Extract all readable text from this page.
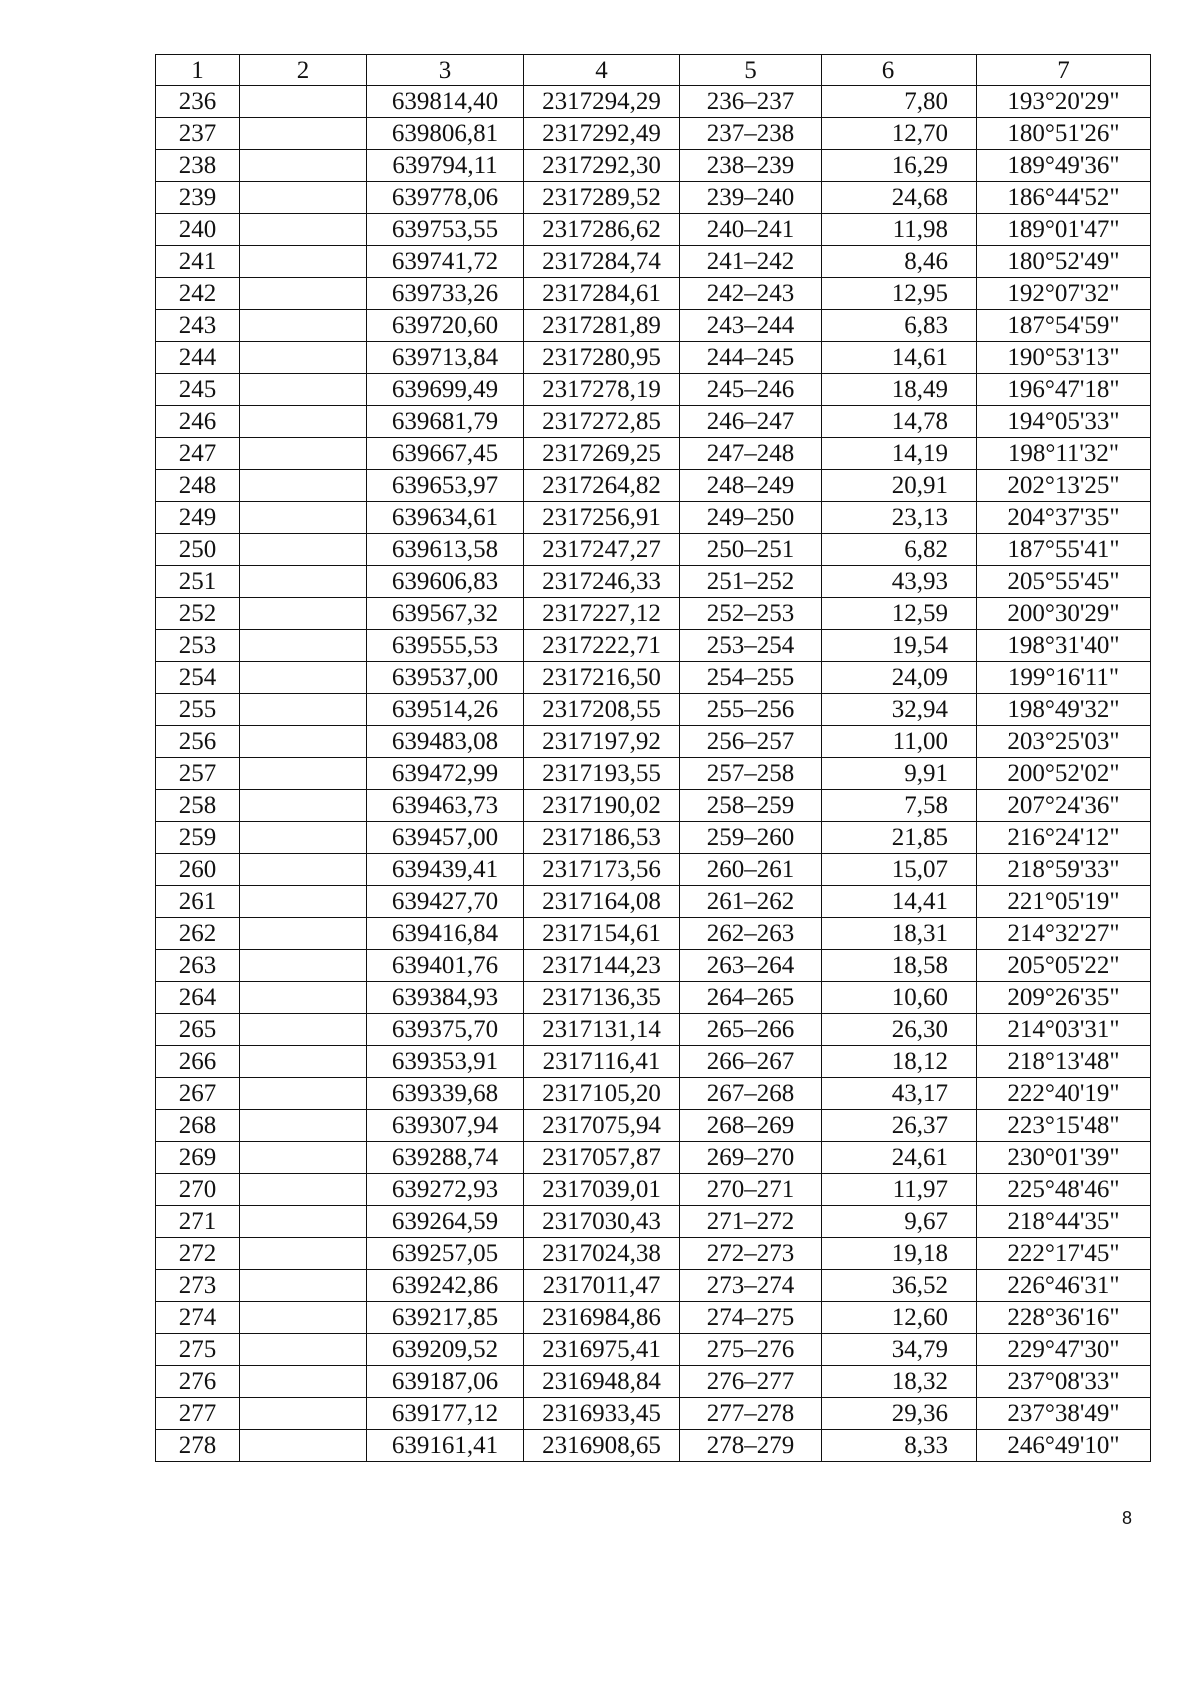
1	2	3	4	5	6	7
236		639814,40	2317294,29	236–237	7,80	193°20'29"
237		639806,81	2317292,49	237–238	12,70	180°51'26"
238		639794,11	2317292,30	238–239	16,29	189°49'36"
239		639778,06	2317289,52	239–240	24,68	186°44'52"
240		639753,55	2317286,62	240–241	11,98	189°01'47"
241		639741,72	2317284,74	241–242	8,46	180°52'49"
242		639733,26	2317284,61	242–243	12,95	192°07'32"
243		639720,60	2317281,89	243–244	6,83	187°54'59"
244		639713,84	2317280,95	244–245	14,61	190°53'13"
245		639699,49	2317278,19	245–246	18,49	196°47'18"
246		639681,79	2317272,85	246–247	14,78	194°05'33"
247		639667,45	2317269,25	247–248	14,19	198°11'32"
248		639653,97	2317264,82	248–249	20,91	202°13'25"
249		639634,61	2317256,91	249–250	23,13	204°37'35"
250		639613,58	2317247,27	250–251	6,82	187°55'41"
251		639606,83	2317246,33	251–252	43,93	205°55'45"
252		639567,32	2317227,12	252–253	12,59	200°30'29"
253		639555,53	2317222,71	253–254	19,54	198°31'40"
254		639537,00	2317216,50	254–255	24,09	199°16'11"
255		639514,26	2317208,55	255–256	32,94	198°49'32"
256		639483,08	2317197,92	256–257	11,00	203°25'03"
257		639472,99	2317193,55	257–258	9,91	200°52'02"
258		639463,73	2317190,02	258–259	7,58	207°24'36"
259		639457,00	2317186,53	259–260	21,85	216°24'12"
260		639439,41	2317173,56	260–261	15,07	218°59'33"
261		639427,70	2317164,08	261–262	14,41	221°05'19"
262		639416,84	2317154,61	262–263	18,31	214°32'27"
263		639401,76	2317144,23	263–264	18,58	205°05'22"
264		639384,93	2317136,35	264–265	10,60	209°26'35"
265		639375,70	2317131,14	265–266	26,30	214°03'31"
266		639353,91	2317116,41	266–267	18,12	218°13'48"
267		639339,68	2317105,20	267–268	43,17	222°40'19"
268		639307,94	2317075,94	268–269	26,37	223°15'48"
269		639288,74	2317057,87	269–270	24,61	230°01'39"
270		639272,93	2317039,01	270–271	11,97	225°48'46"
271		639264,59	2317030,43	271–272	9,67	218°44'35"
272		639257,05	2317024,38	272–273	19,18	222°17'45"
273		639242,86	2317011,47	273–274	36,52	226°46'31"
274		639217,85	2316984,86	274–275	12,60	228°36'16"
275		639209,52	2316975,41	275–276	34,79	229°47'30"
276		639187,06	2316948,84	276–277	18,32	237°08'33"
277		639177,12	2316933,45	277–278	29,36	237°38'49"
278		639161,41	2316908,65	278–279	8,33	246°49'10"
8
